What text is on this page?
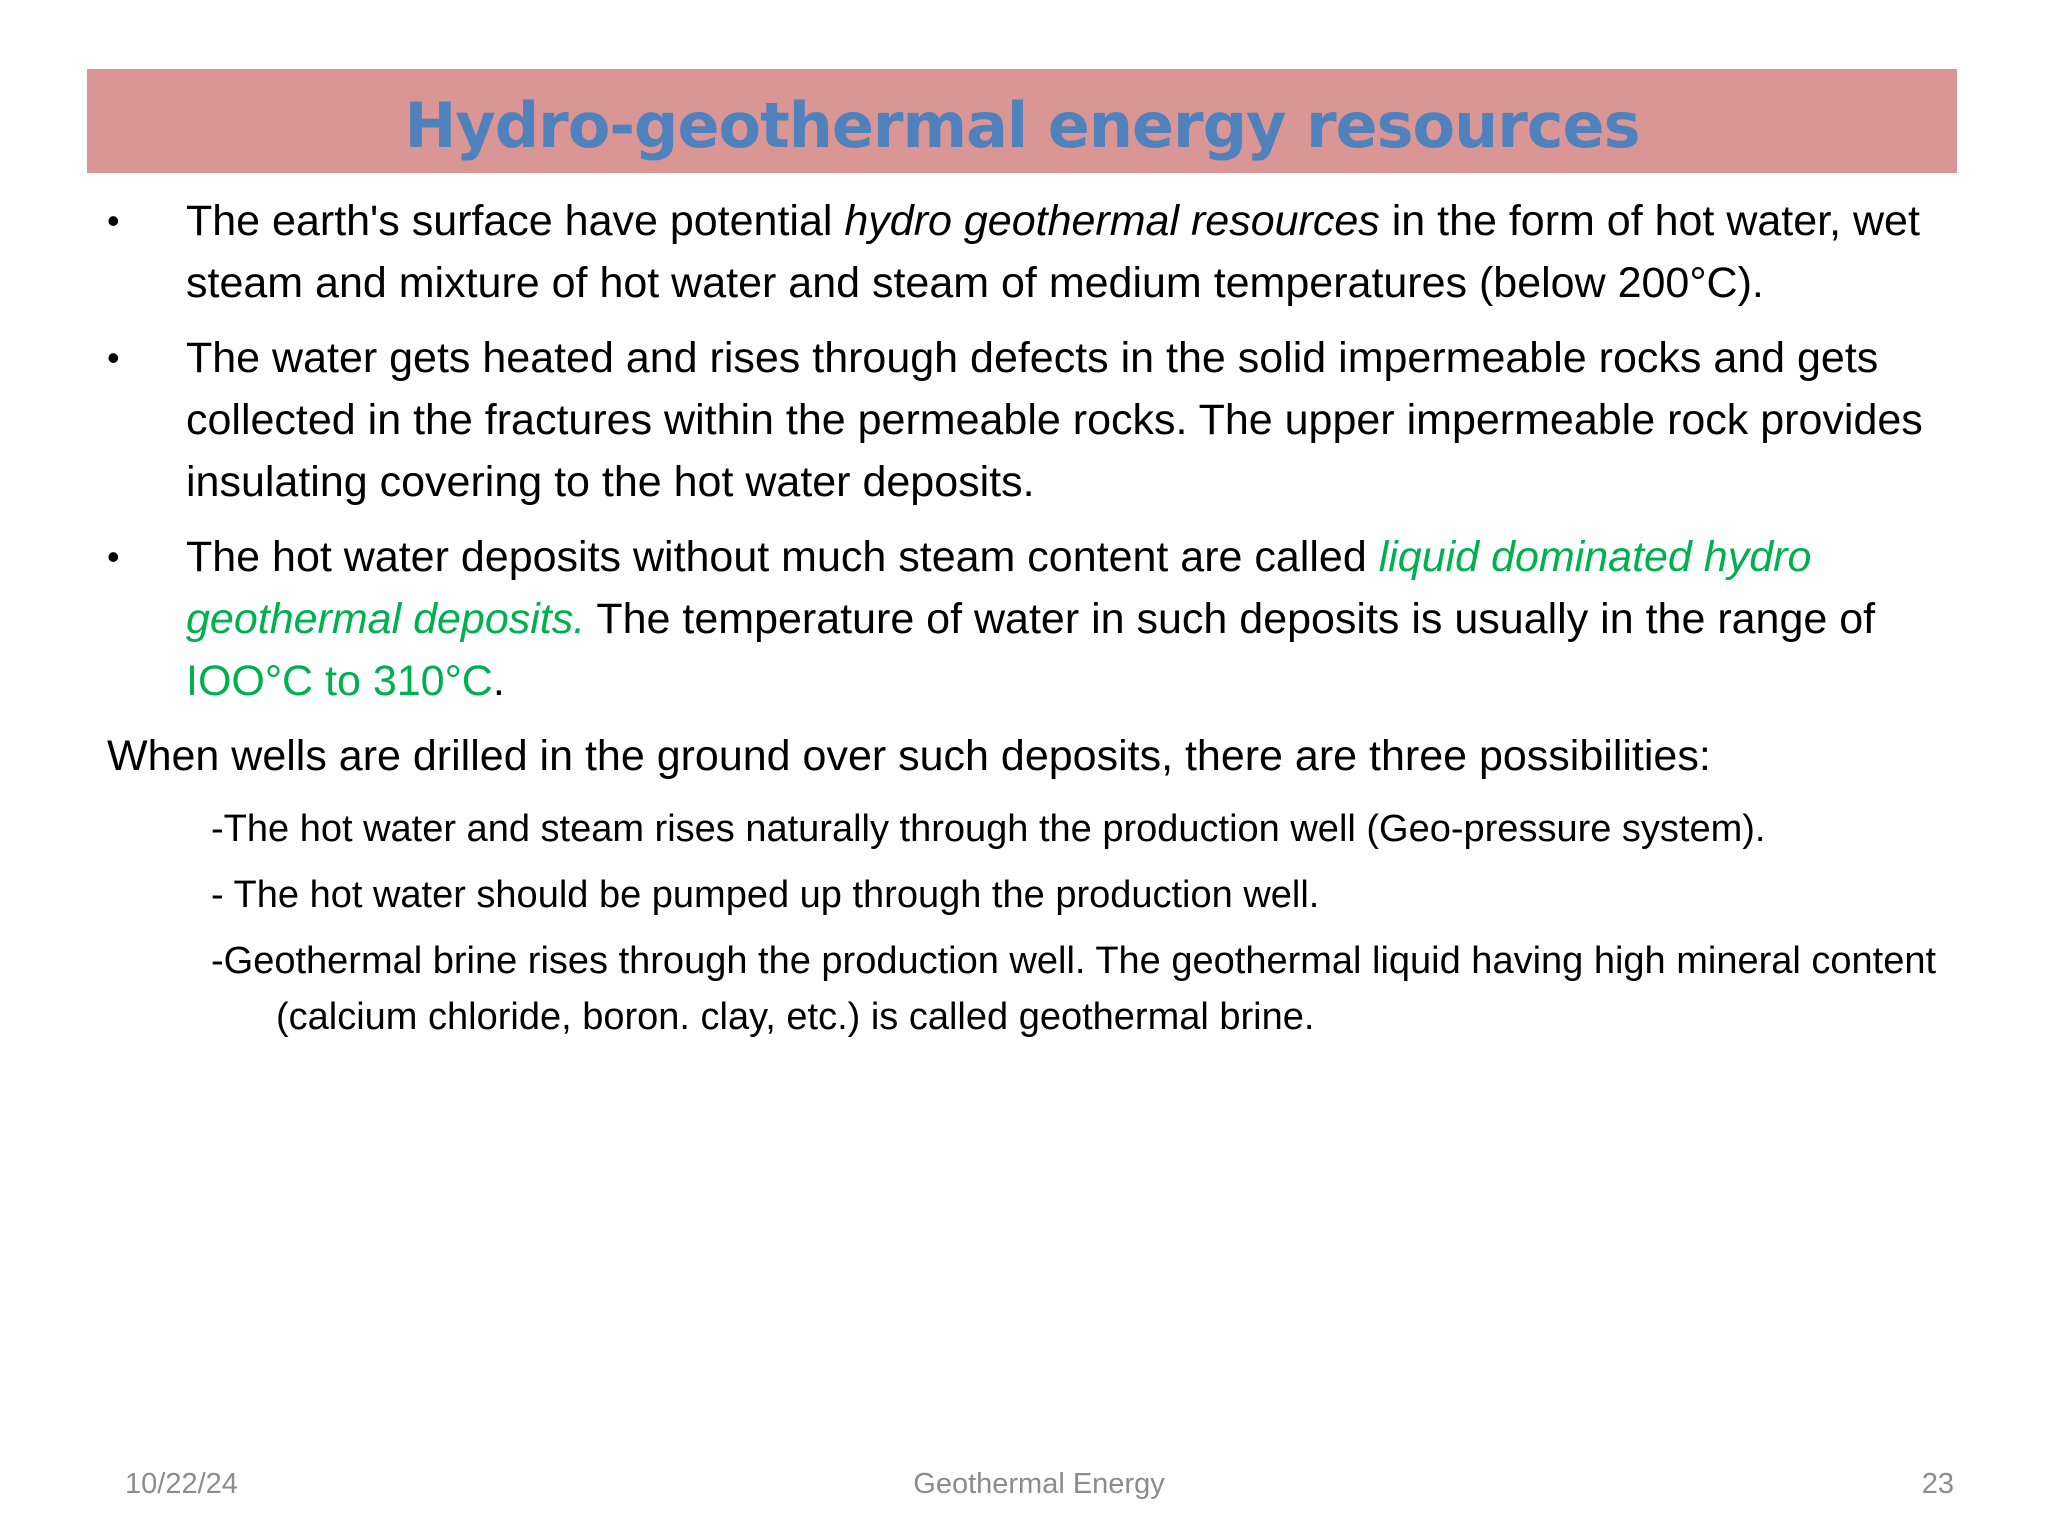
Hydro-geothermal energy resources
•	The earth's surface have potential hydro geothermal resources in the form of hot water, wet steam and mixture of hot water and steam of medium temperatures (below 200°C).
•	The water gets heated and rises through defects in the solid impermeable rocks and gets collected in the fractures within the permeable rocks. The upper impermeable rock provides insulating covering to the hot water deposits.
•	The hot water deposits without much steam content are called liquid dominated hydro geothermal deposits. The temperature of water in such deposits is usually in the range of IOO°C to 310°C.
When wells are drilled in the ground over such deposits, there are three possibilities:
-The hot water and steam rises naturally through the production well (Geo-pressure system).
- The hot water should be pumped up through the production well.
-Geothermal brine rises through the production well. The geothermal liquid having high mineral content (calcium chloride, boron. clay, etc.) is called geothermal brine.
10/22/24	Geothermal Energy	23
